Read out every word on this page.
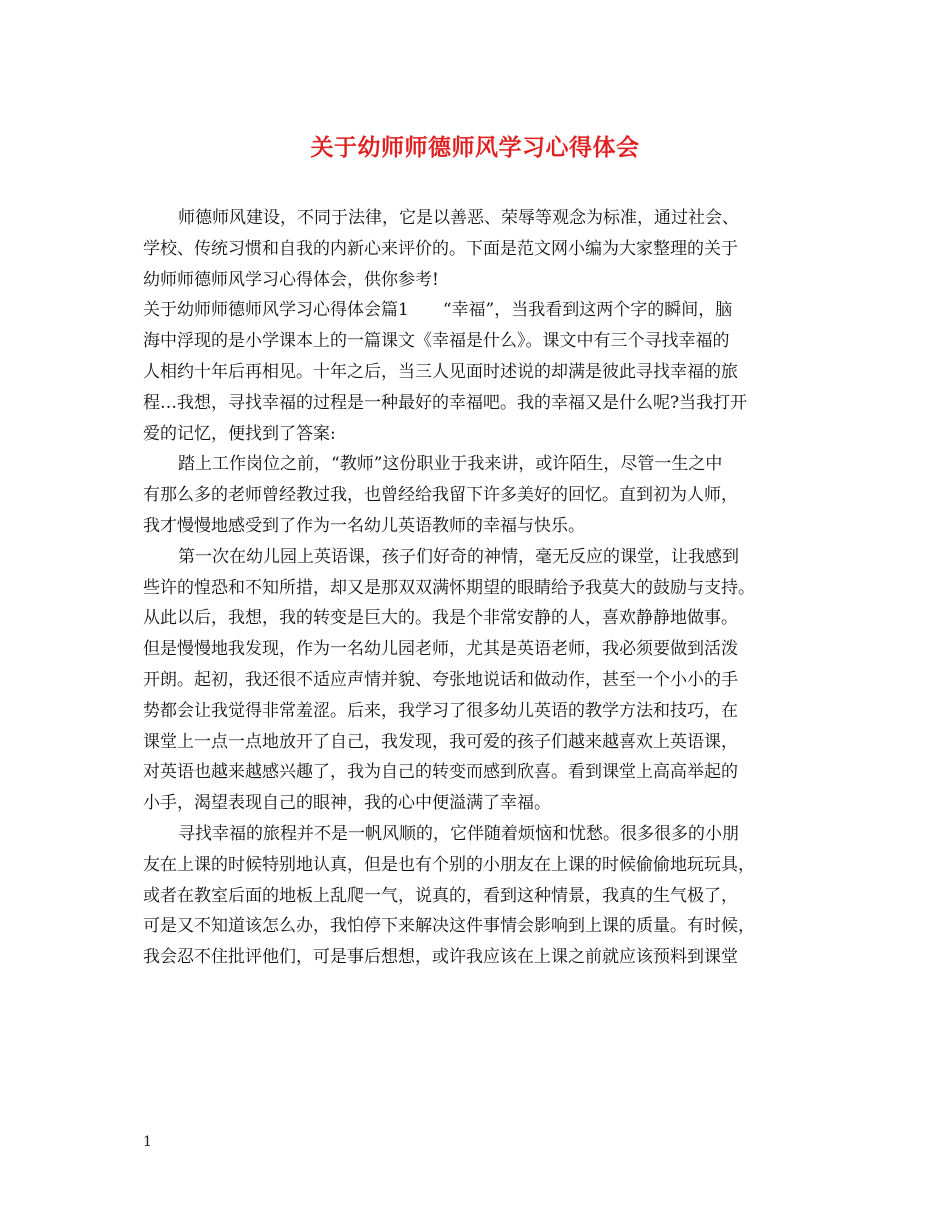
关于幼师师德师风学习心得体会
师德师风建设，不同于法律，它是以善恶、荣辱等观念为标准，通过社会、
学校、传统习惯和自我的内新心来评价的。下面是范文网小编为大家整理的关于
幼师师德师风学习心得体会，供你参考!
关于幼师师德师风学习心得体会篇1　　“幸福”，当我看到这两个字的瞬间，脑
海中浮现的是小学课本上的一篇课文《幸福是什么》。课文中有三个寻找幸福的
人相约十年后再相见。十年之后，当三人见面时述说的却满是彼此寻找幸福的旅
程…我想，寻找幸福的过程是一种最好的幸福吧。我的幸福又是什么呢?当我打开
爱的记忆，便找到了答案:
踏上工作岗位之前，“教师”这份职业于我来讲，或许陌生，尽管一生之中
有那么多的老师曾经教过我，也曾经给我留下许多美好的回忆。直到初为人师，
我才慢慢地感受到了作为一名幼儿英语教师的幸福与快乐。
第一次在幼儿园上英语课，孩子们好奇的神情，毫无反应的课堂，让我感到
些许的惶恐和不知所措，却又是那双双满怀期望的眼睛给予我莫大的鼓励与支持。
从此以后，我想，我的转变是巨大的。我是个非常安静的人，喜欢静静地做事。
但是慢慢地我发现，作为一名幼儿园老师，尤其是英语老师，我必须要做到活泼
开朗。起初，我还很不适应声情并貌、夸张地说话和做动作，甚至一个小小的手
势都会让我觉得非常羞涩。后来，我学习了很多幼儿英语的教学方法和技巧，在
课堂上一点一点地放开了自己，我发现，我可爱的孩子们越来越喜欢上英语课，
对英语也越来越感兴趣了，我为自己的转变而感到欣喜。看到课堂上高高举起的
小手，渴望表现自己的眼神，我的心中便溢满了幸福。
寻找幸福的旅程并不是一帆风顺的，它伴随着烦恼和忧愁。很多很多的小朋
友在上课的时候特别地认真，但是也有个别的小朋友在上课的时候偷偷地玩玩具，
或者在教室后面的地板上乱爬一气，说真的，看到这种情景，我真的生气极了，
可是又不知道该怎么办，我怕停下来解决这件事情会影响到上课的质量。有时候，
我会忍不住批评他们，可是事后想想，或许我应该在上课之前就应该预料到课堂
1
